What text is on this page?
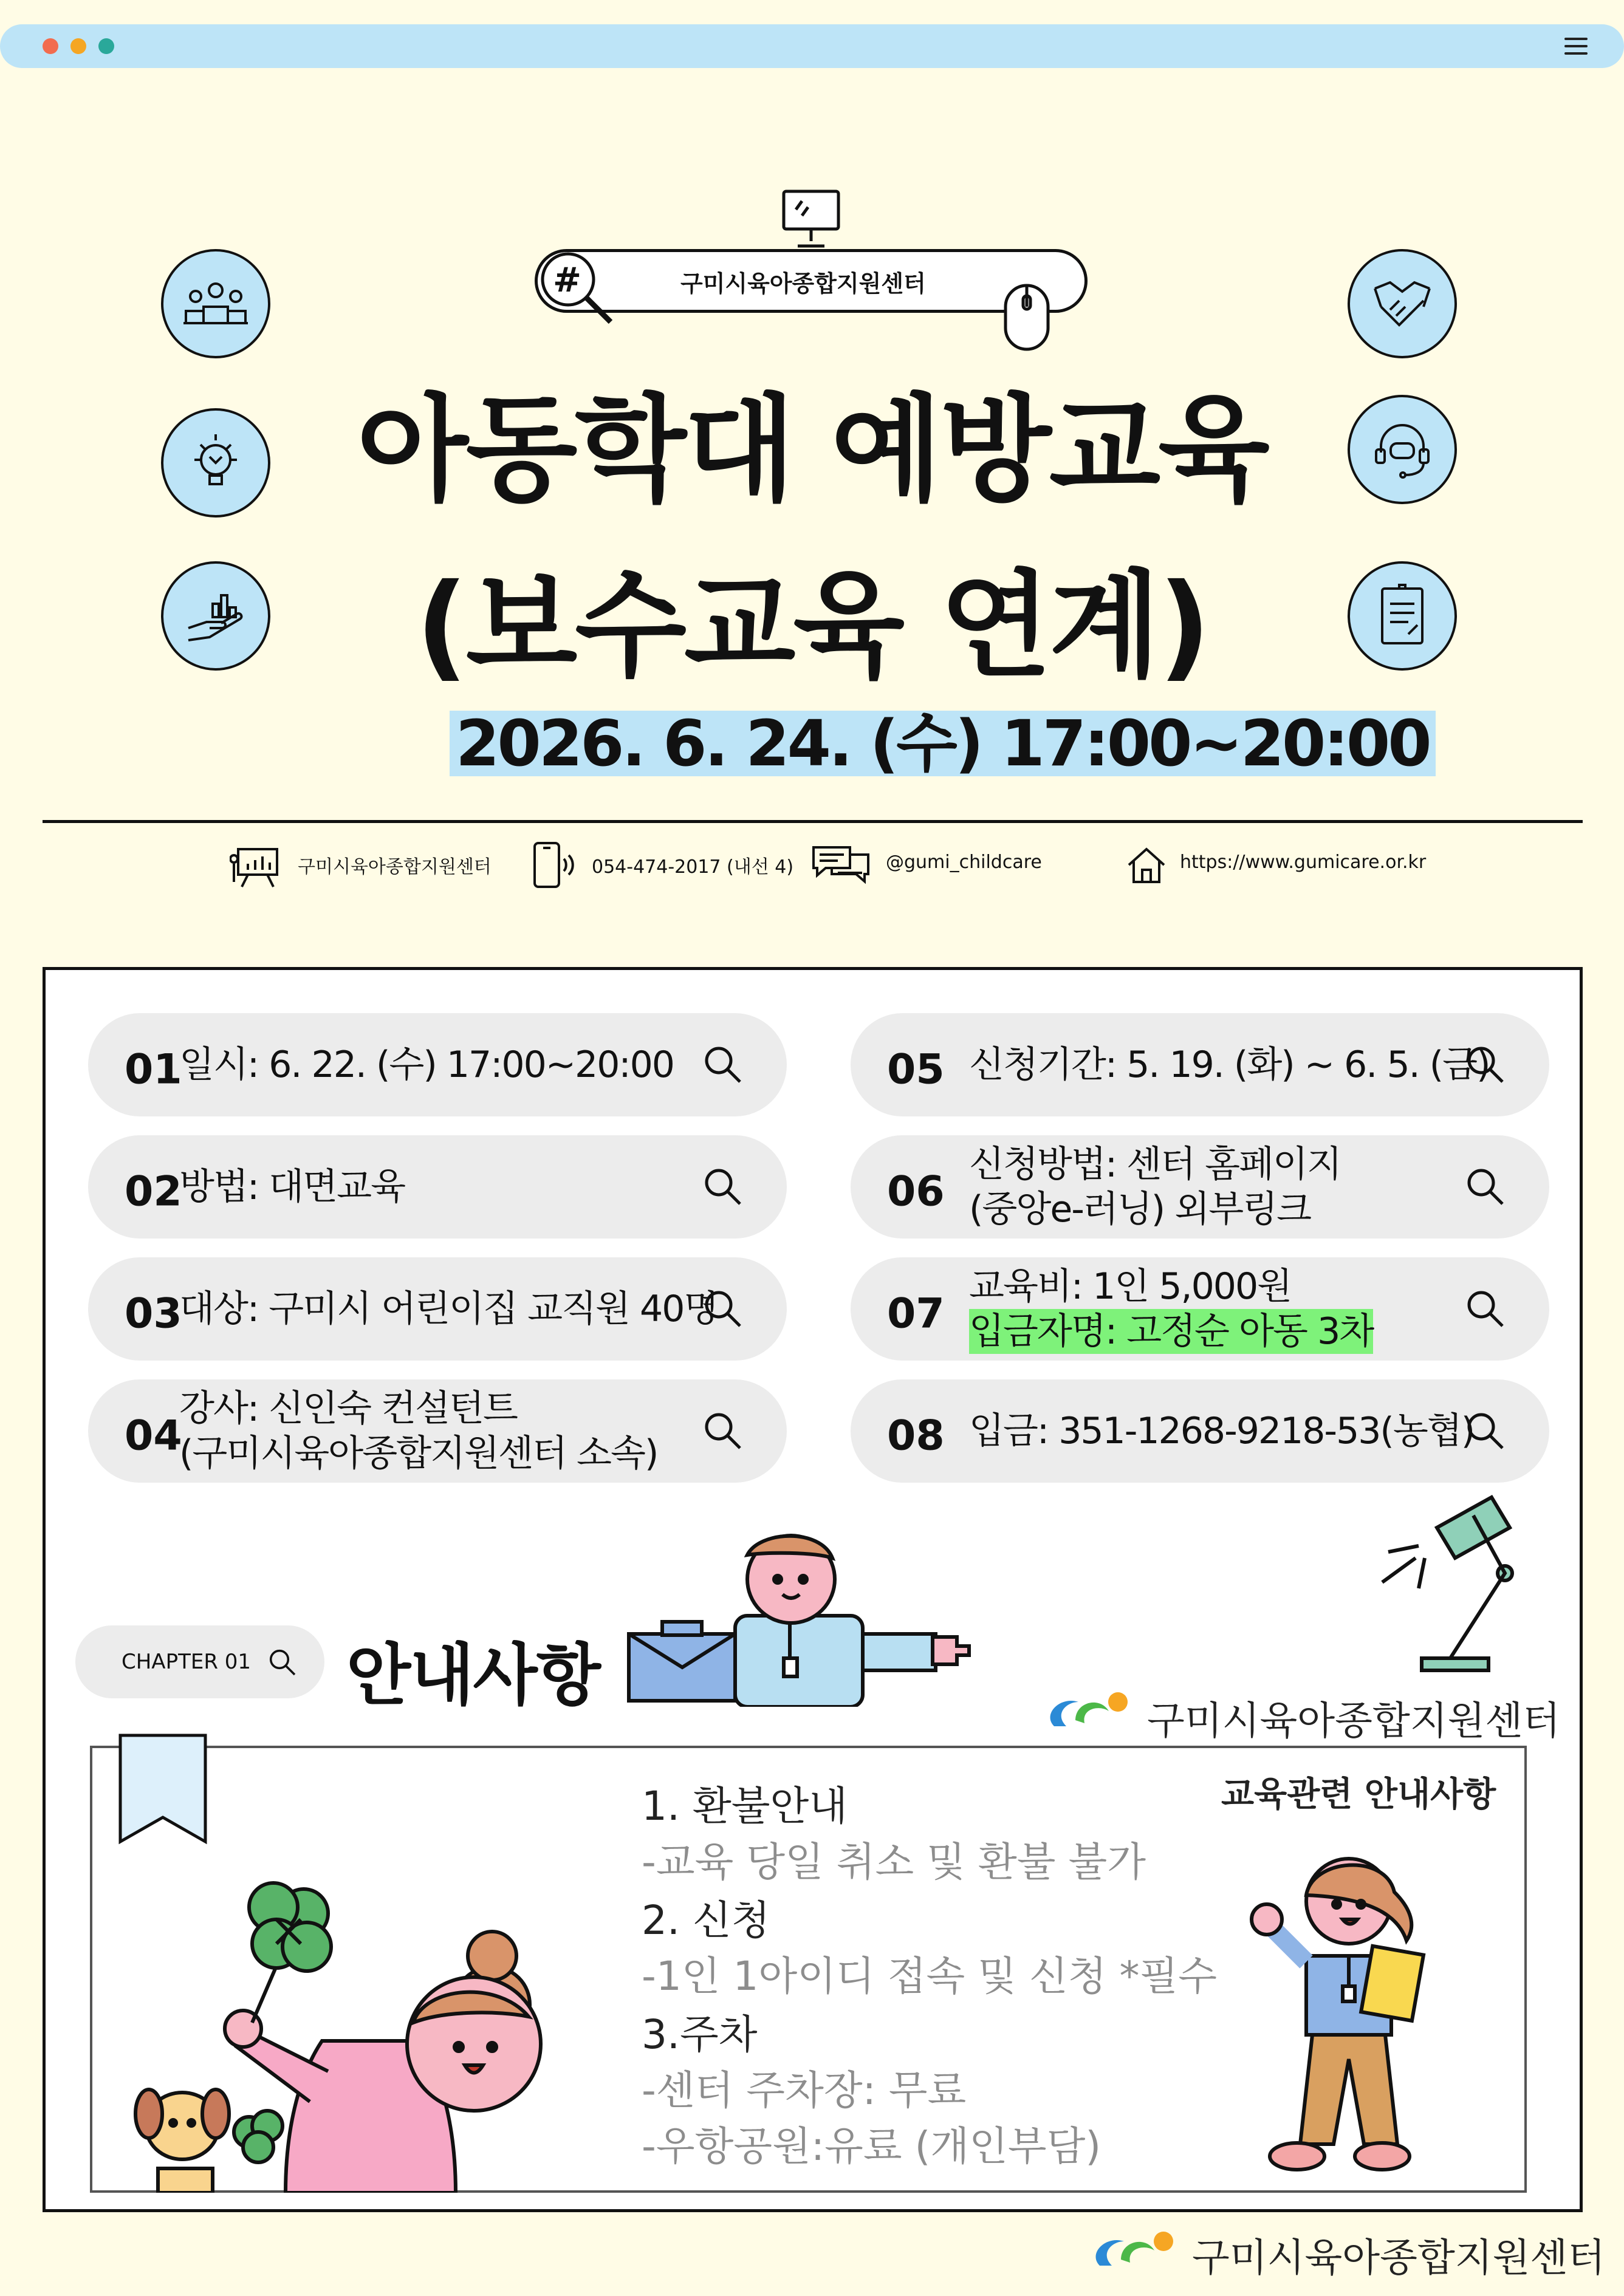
#	구미시육아종합지원센터
아동학대 예방교육
(보수교육 연계)
2026. 6. 24. (수) 17:00~20:00
구미시육아종합지원센터	054-474-2017 (내선 4)	@gumi_childcare	https://www.gumicare.or.kr
01
일시: 6. 22. (수) 17:00~20:00
02
방법: 대면교육
03
대상: 구미시 어린이집 교직원 40명
04
강사: 신인숙 컨설턴트
(구미시육아종합지원센터 소속)
05 신청기간: 5. 19. (화) ~ 6. 5. (금)
06
신청방법: 센터 홈페이지
(중앙e-러닝) 외부링크
07
교육비: 1인 5,000원
입금자명: 고정순 아동 3차
08 입금: 351-1268-9218-53(농협)
CHAPTER 01 안내사항
구미시육아종합지원센터
1. 환불안내
-교육 당일 취소 및 환불 불가
2. 신청
-1인 1아이디 접속 및 신청 *필수
3.주차
-센터 주차장: 무료
-우항공원:유료 (개인부담)
교육관련 안내사항
구미시육아종합지원센터
